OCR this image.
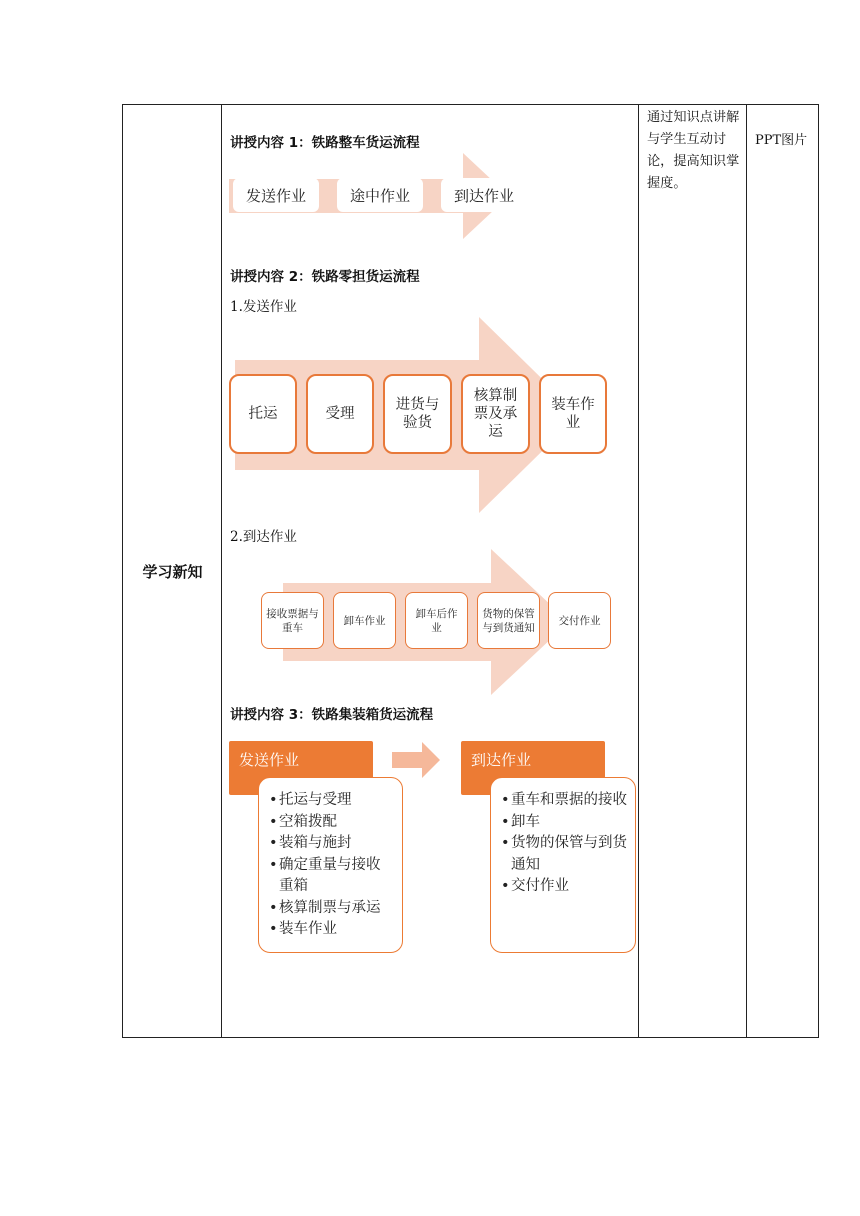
学习新知
通过知识点讲解与学生互动讨论，提高知识掌握度。
PPT图片
讲授内容 1：铁路整车货运流程
发送作业	途中作业	到达作业
讲授内容 2：铁路零担货运流程
1.发送作业
托运	受理
进货与验货
核算制票及承运
装车作业
2.到达作业
接收票据与重车
卸车作业
卸车后作业
货物的保管与到货通知
交付作业
讲授内容 3：铁路集装箱货运流程
发送作业	到达作业
• 托运与受理
• 空箱拨配
• 装箱与施封
• 确定重量与接收重箱
• 核算制票与承运
• 装车作业
• 重车和票据的接收
• 卸车
• 货物的保管与到货通知
• 交付作业
